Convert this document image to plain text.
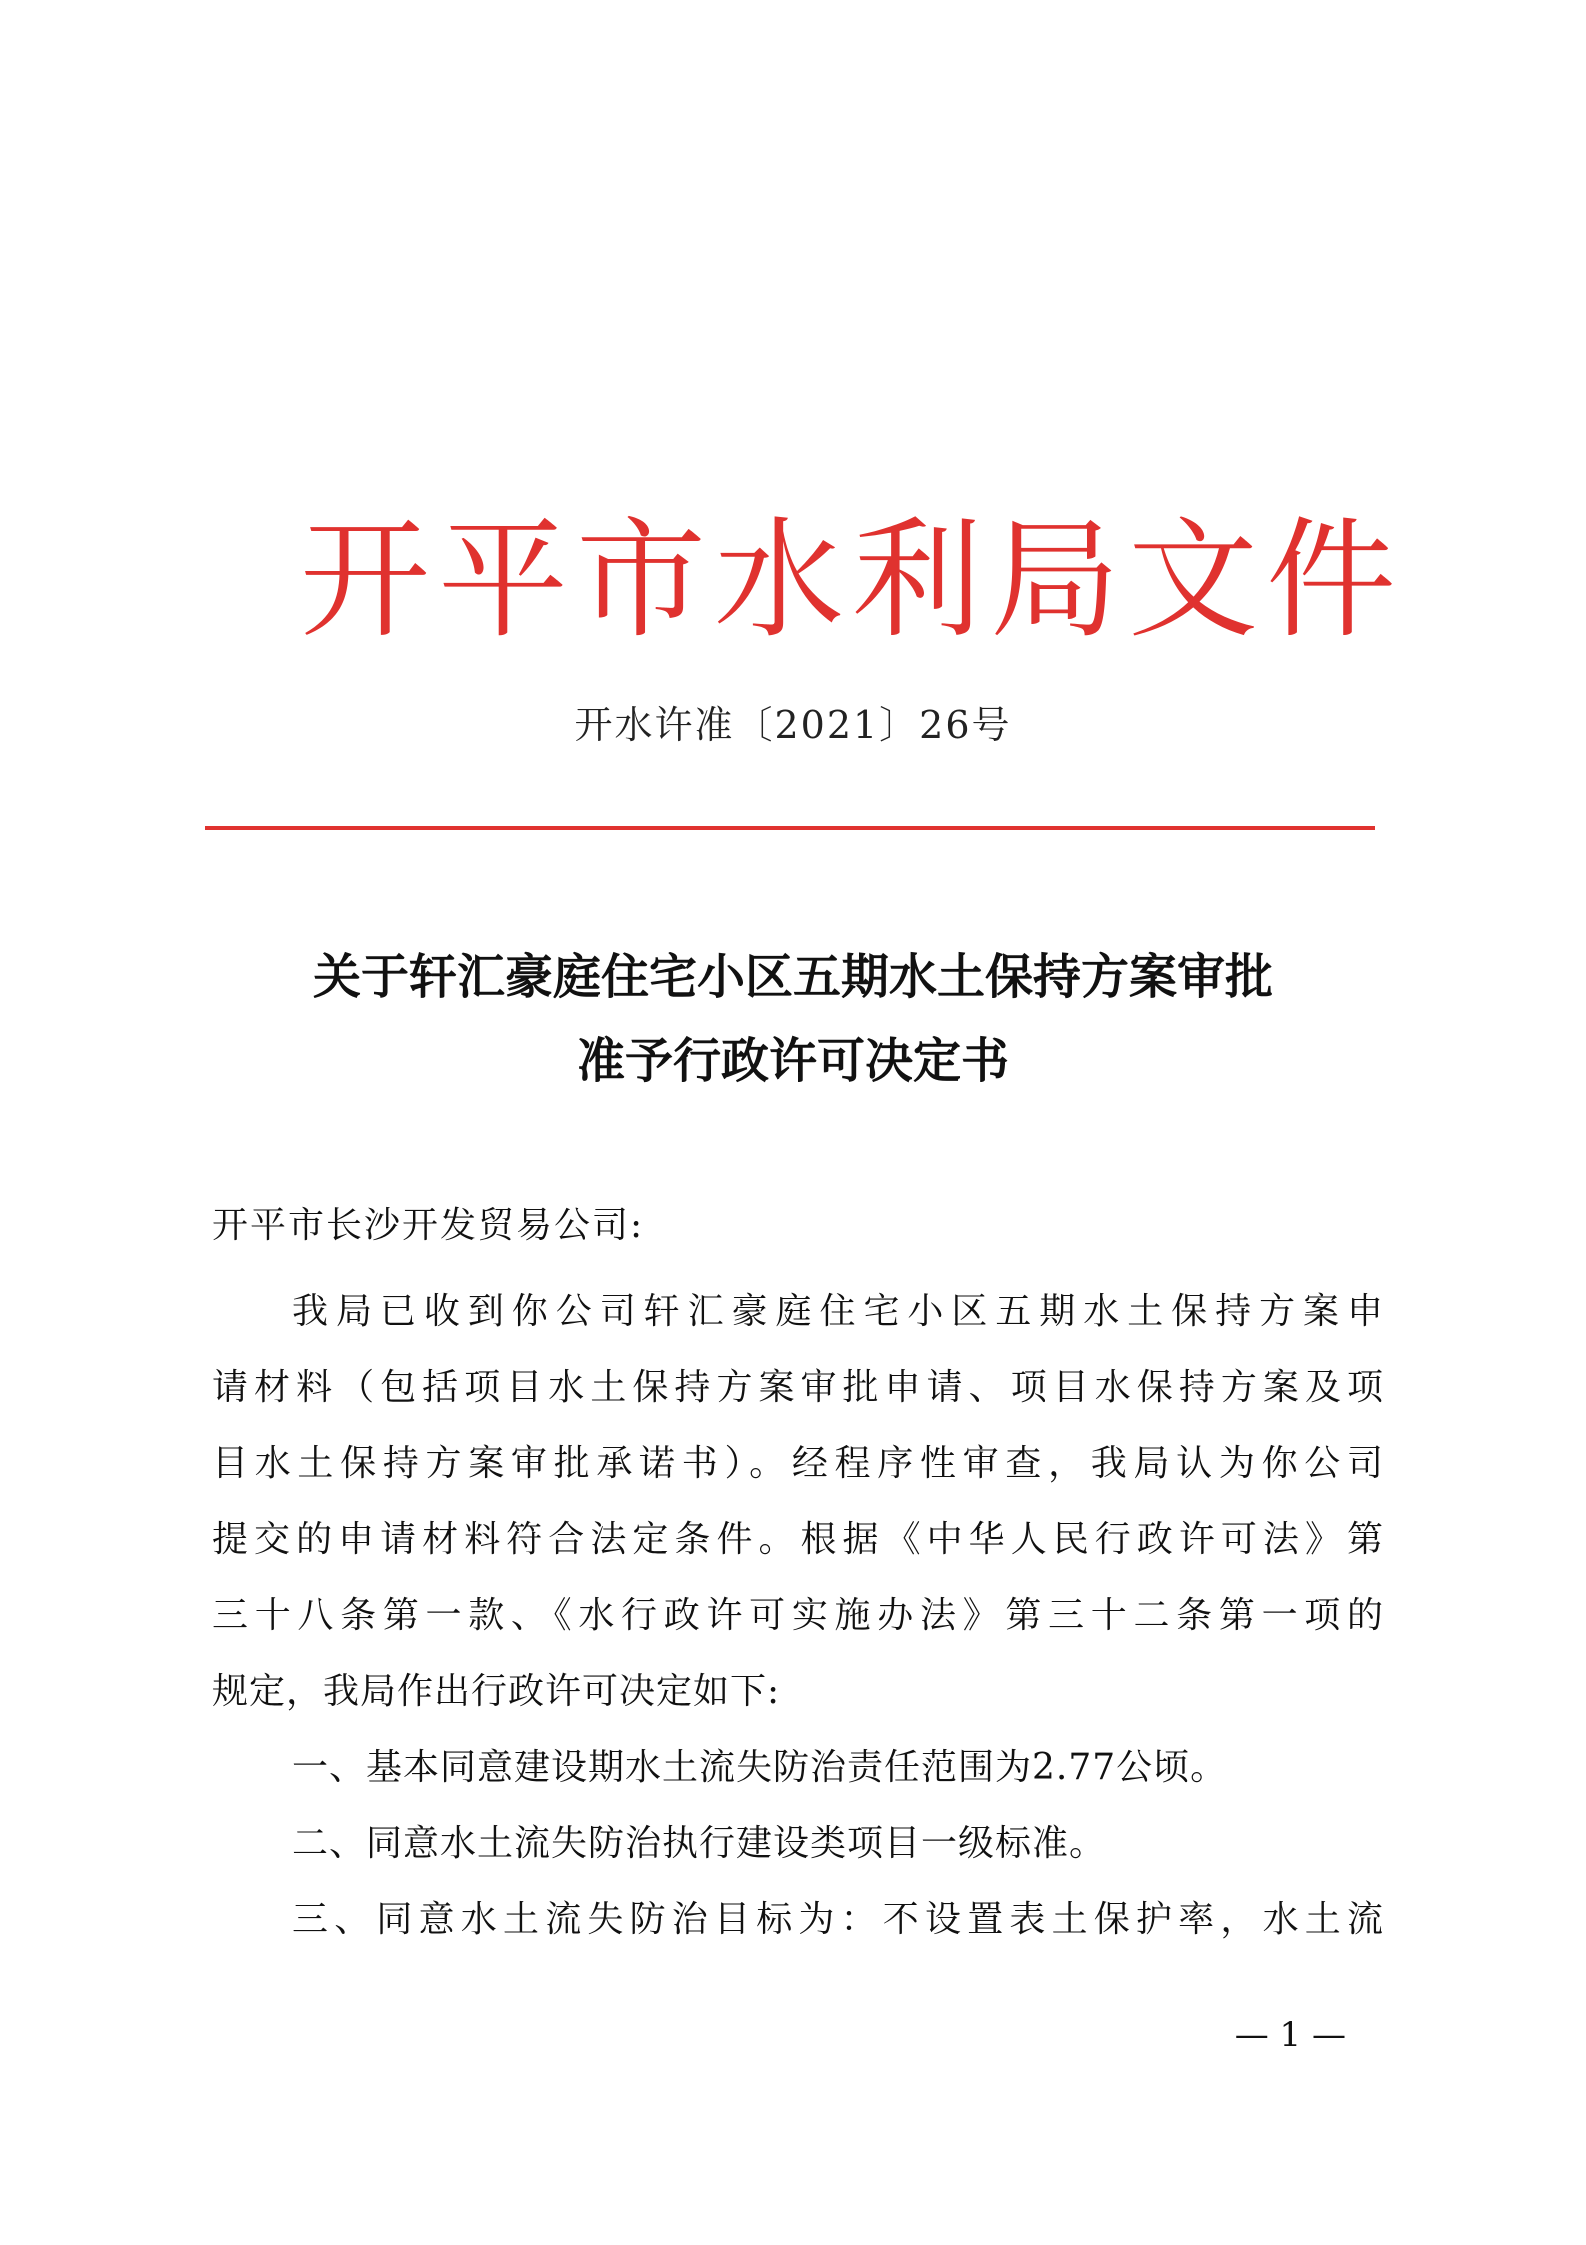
开平市水利局文件
开水许准〔2021〕26号
关于轩汇豪庭住宅小区五期水土保持方案审批
准予行政许可决定书
开平市长沙开发贸易公司:
我局已收到你公司轩汇豪庭住宅小区五期水土保持方案申
请材料（包括项目水土保持方案审批申请、项目水保持方案及项
目水土保持方案审批承诺书）。经程序性审查，我局认为你公司
提交的申请材料符合法定条件。根据《中华人民行政许可法》第
三十八条第一款、《水行政许可实施办法》第三十二条第一项的
规定，我局作出行政许可决定如下:
一、基本同意建设期水土流失防治责任范围为2.77公顷。
二、同意水土流失防治执行建设类项目一级标准。
三、同意水土流失防治目标为：不设置表土保护率，水土流
— 1 —
